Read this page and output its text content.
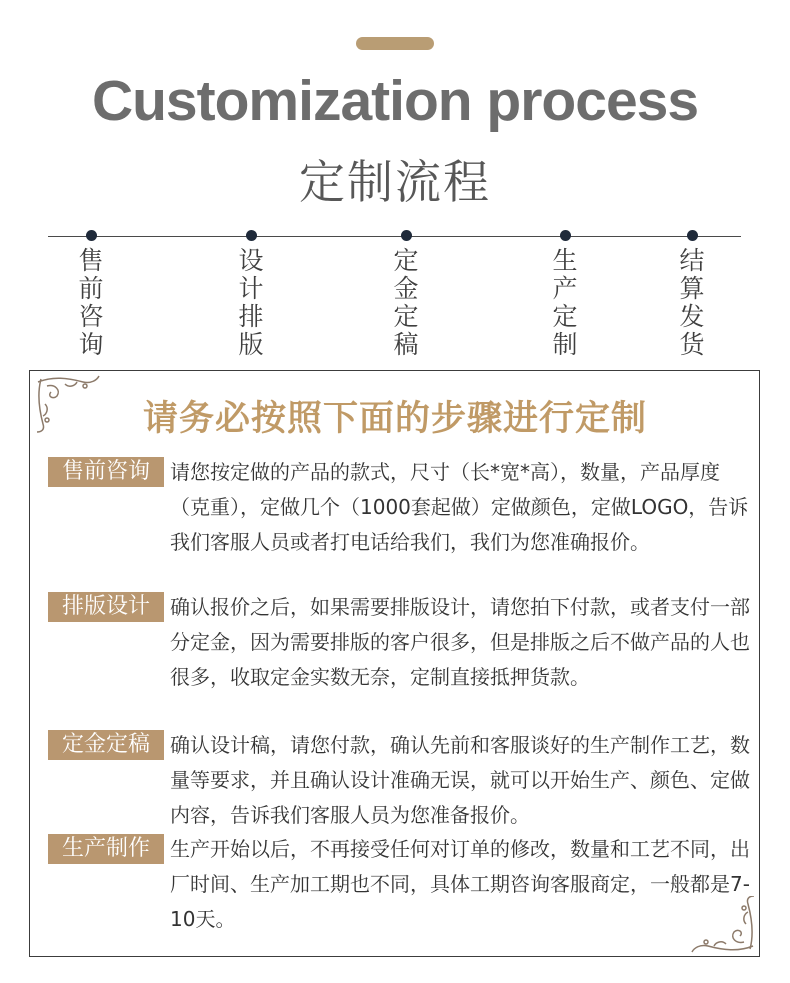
Customization process
定制流程
售前咨询
设计排版
定金定稿
生产定制
结算发货
请务必按照下面的步骤进行定制
售前咨询	请您按定做的产品的款式，尺寸（长*宽*高），数量，产品厚度（克重），定做几个（1000套起做）定做颜色，定做LOGO，告诉我们客服人员或者打电话给我们，我们为您准确报价。
排版设计	确认报价之后，如果需要排版设计，请您拍下付款，或者支付一部分定金，因为需要排版的客户很多，但是排版之后不做产品的人也很多，收取定金实数无奈，定制直接抵押货款。
定金定稿	确认设计稿，请您付款，确认先前和客服谈好的生产制作工艺，数量等要求，并且确认设计准确无误，就可以开始生产、颜色、定做内容，告诉我们客服人员为您准备报价。
生产制作	生产开始以后，不再接受任何对订单的修改，数量和工艺不同，出厂时间、生产加工期也不同，具体工期咨询客服商定，一般都是7-10天。
